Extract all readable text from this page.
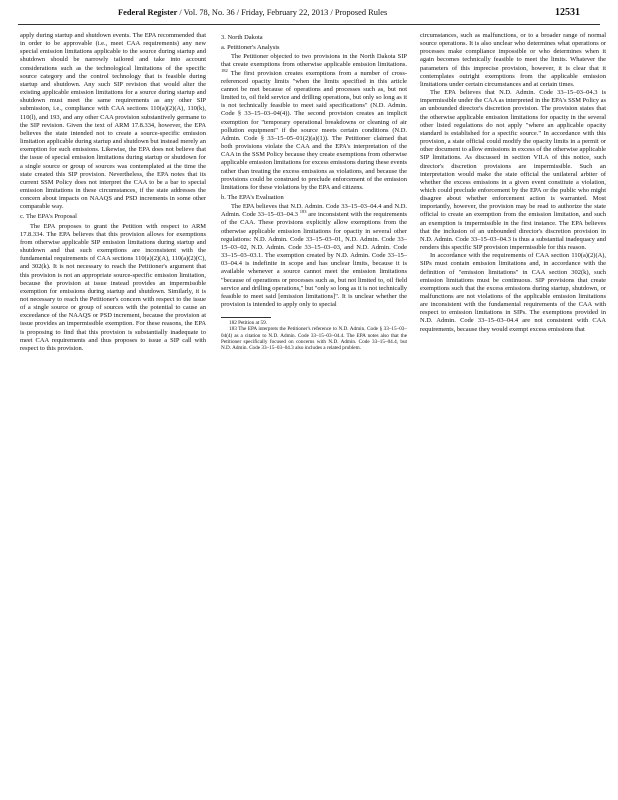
Federal Register / Vol. 78, No. 36 / Friday, February 22, 2013 / Proposed Rules	12531

apply during startup and shutdown events. The EPA recommended that in order to be approvable (i.e., meet CAA requirements) any new special emission limitations applicable to the source during startup and shutdown should be narrowly tailored and take into account considerations such as the technological limitations of the specific source category and the control technology that is feasible during startup and shutdown. Any such SIP revision that would alter the existing applicable emission limitations for a source during startup and shutdown must meet the same requirements as any other SIP submission, i.e., compliance with CAA sections 110(a)(2)(A), 110(k), 110(l), and 193, and any other CAA provision substantively germane to the SIP revision. Given the text of ARM 17.8.334, however, the EPA believes the state intended not to create a source-specific emission limitation applicable during startup and shutdown but instead merely an exemption for such emissions. Likewise, the EPA does not believe that the issue of special emission limitations during startup or shutdown for a single source or group of sources was contemplated at the time the state created this SIP provision. Nevertheless, the EPA notes that its current SSM Policy does not interpret the CAA to be a bar to special emission limitations in these circumstances, if the state addresses the concern about impacts on NAAQS and PSD increments in some other comparable way.

c. The EPA's Proposal

The EPA proposes to grant the Petition with respect to ARM 17.8.334. The EPA believes that this provision allows for exemptions from otherwise applicable SIP emission limitations during startup and shutdown and that such exemptions are inconsistent with the fundamental requirements of CAA sections 110(a)(2)(A), 110(a)(2)(C), and 302(k). It is not necessary to reach the Petitioner's argument that this provision is not an appropriate source-specific emission limitation, because the provision at issue instead provides an impermissible exemption for emissions during startup and shutdown. Similarly, it is not necessary to reach the Petitioner's concern with respect to the issue of a single source or group of sources with the potential to cause an exceedance of the NAAQS or PSD increment, because the provision at issue provides an impermissible exemption. For these reasons, the EPA is proposing to find that this provision is substantially inadequate to meet CAA requirements and thus proposes to issue a SIP call with respect to this provision.

3. North Dakota

a. Petitioner's Analysis

The Petitioner objected to two provisions in the North Dakota SIP that create exemptions from otherwise applicable emission limitations. $^{182}$ The first provision creates exemptions from a number of cross-referenced opacity limits "when the limits specified in this article cannot be met because of operations and processes such as, but not limited to, oil field service and drilling operations, but only so long as it is not technically feasible to meet said specifications" (N.D. Admin. Code § 33–15–03–04(4)). The second provision creates an implicit exemption for "temporary operational breakdowns or cleaning of air pollution equipment" if the source meets certain conditions (N.D. Admin. Code § 33–15–05–01(2)(a)(1)). The Petitioner claimed that both provisions violate the CAA and the EPA's interpretation of the CAA in the SSM Policy because they create exemptions from otherwise applicable emission limitations for excess emissions during these events rather than treating the excess emissions as violations, and because the provisions could be construed to preclude enforcement of the emission limitations for these violations by the EPA and citizens.

b. The EPA's Evaluation

The EPA believes that N.D. Admin. Code 33–15–03–04.4 and N.D. Admin. Code 33–15–03–04.3 $^{183}$ are inconsistent with the requirements of the CAA. These provisions explicitly allow exemptions from the otherwise applicable emission limitations for opacity in several other regulations: N.D. Admin. Code 33–15–03–01, N.D. Admin. Code 33–15–03–02, N.D. Admin. Code 33–15–03–03, and N.D. Admin. Code 33–15–03–03.1. The exemption created by N.D. Admin. Code 33–15–03–04.4 is indefinite in scope and has unclear limits, because it is available whenever a source cannot meet the emission limitations "because of operations or processes such as, but not limited to, oil field service and drilling operations," but "only so long as it is not technically feasible to meet said [emission limitations]". It is unclear whether the provision is intended to apply only to special

182 Petition at 59.

183 The EPA interprets the Petitioner's reference to N.D. Admin. Code § 33–15–03–04(4) as a citation to N.D. Admin. Code 33–15–03–04.4. The EPA notes also that the Petitioner specifically focused on concerns with N.D. Admin. Code 33–15–04.4, but N.D. Admin. Code 33–15–03–04.3 also includes a related problem.

circumstances, such as malfunctions, or to a broader range of normal source operations. It is also unclear who determines what operations or processes make compliance impossible or who determines when it again becomes technically feasible to meet the limits. Whatever the parameters of this imprecise provision, however, it is clear that it contemplates outright exemptions from the applicable emission limitations under certain circumstances and at certain times.

The EPA believes that N.D. Admin. Code 33–15–03–04.3 is impermissible under the CAA as interpreted in the EPA's SSM Policy as an unbounded director's discretion provision. The provision states that the otherwise applicable emission limitations for opacity in the several other listed regulations do not apply "where an applicable opacity standard is established for a specific source." In accordance with this provision, a state official could modify the opacity limits in a permit or other document to allow emissions in excess of the otherwise applicable SIP limitations. As discussed in section VII.A of this notice, such director's discretion provisions are impermissible. Such an interpretation would make the state official the unilateral arbiter of whether the excess emissions in a given event constitute a violation, which could preclude enforcement by the EPA or the public who might disagree about whether enforcement action is warranted. Most importantly, however, the provision may be read to authorize the state official to create an exemption from the emission limitation, and such an exemption is impermissible in the first instance. The EPA believes that the inclusion of an unbounded director's discretion provision in N.D. Admin. Code 33–15–03–04.3 is thus a substantial inadequacy and renders this specific SIP provision impermissible for this reason.

In accordance with the requirements of CAA section 110(a)(2)(A), SIPs must contain emission limitations and, in accordance with the definition of "emission limitations" in CAA section 302(k), such emission limitations must be continuous. SIP provisions that create exemptions such that the excess emissions during startup, shutdown, or malfunctions are not violations of the applicable emission limitations are inconsistent with the fundamental requirements of the CAA with respect to emission limitations in SIPs. The exemptions provided in N.D. Admin. Code 33–15–03–04.4 are not consistent with CAA requirements, because they would exempt excess emissions that
